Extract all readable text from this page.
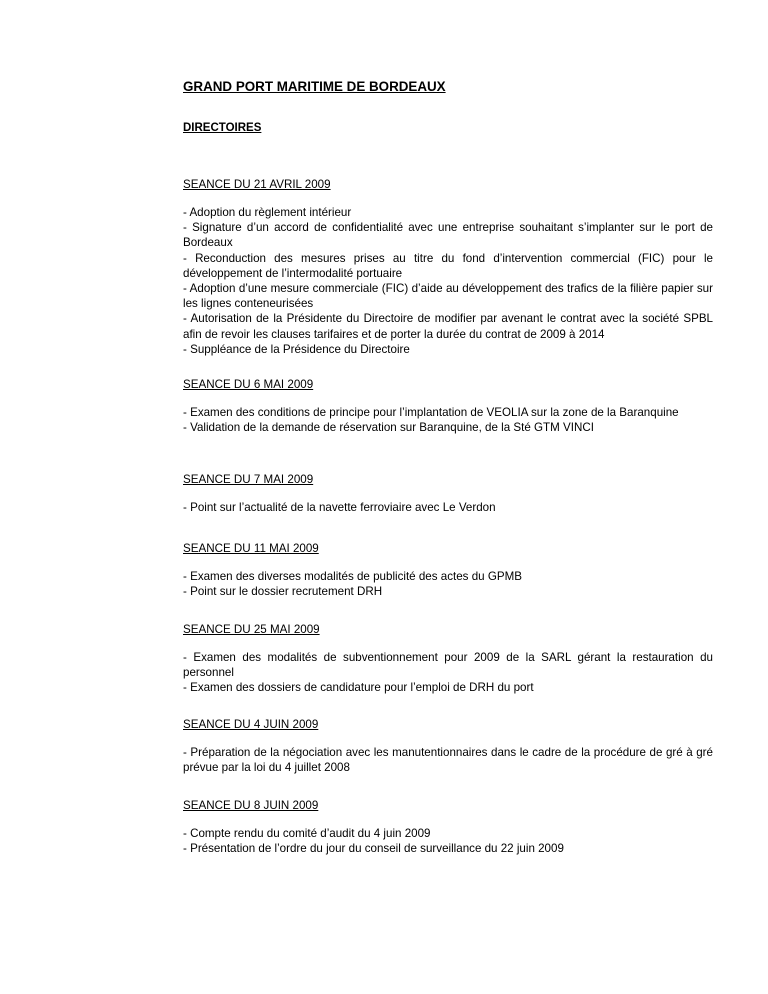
GRAND PORT MARITIME DE BORDEAUX
DIRECTOIRES

SEANCE DU 21 AVRIL 2009

- Adoption du règlement intérieur

- Signature d’un accord de confidentialité avec une entreprise souhaitant s’implanter sur le port de Bordeaux

- Reconduction des mesures prises au titre du fond d’intervention commercial (FIC) pour le développement de l’intermodalité portuaire

- Adoption d’une mesure commerciale (FIC) d’aide au développement des trafics de la filière papier sur les lignes conteneurisées

- Autorisation de la Présidente du Directoire de modifier par avenant le contrat avec la société SPBL afin de revoir les clauses tarifaires et de porter la durée du contrat de 2009 à 2014

- Suppléance de la Présidence du Directoire

SEANCE DU 6 MAI 2009

- Examen des conditions de principe pour l’implantation de VEOLIA sur la zone de la Baranquine

- Validation de la demande de réservation sur Baranquine, de la Sté GTM VINCI

SEANCE DU 7 MAI 2009

- Point sur l’actualité de la navette ferroviaire avec Le Verdon

SEANCE DU 11 MAI 2009

- Examen des diverses modalités de publicité des actes du GPMB

- Point sur le dossier recrutement DRH

SEANCE DU 25 MAI 2009

- Examen des modalités de subventionnement pour 2009 de la SARL gérant la restauration du personnel

- Examen des dossiers de candidature pour l’emploi de DRH du port

SEANCE DU 4 JUIN 2009

- Préparation de la négociation avec les manutentionnaires dans le cadre de la procédure de gré à gré prévue par la loi du 4 juillet 2008

SEANCE DU 8 JUIN 2009

- Compte rendu du comité d’audit du 4 juin 2009

- Présentation de l’ordre du jour du conseil de surveillance du 22 juin 2009
